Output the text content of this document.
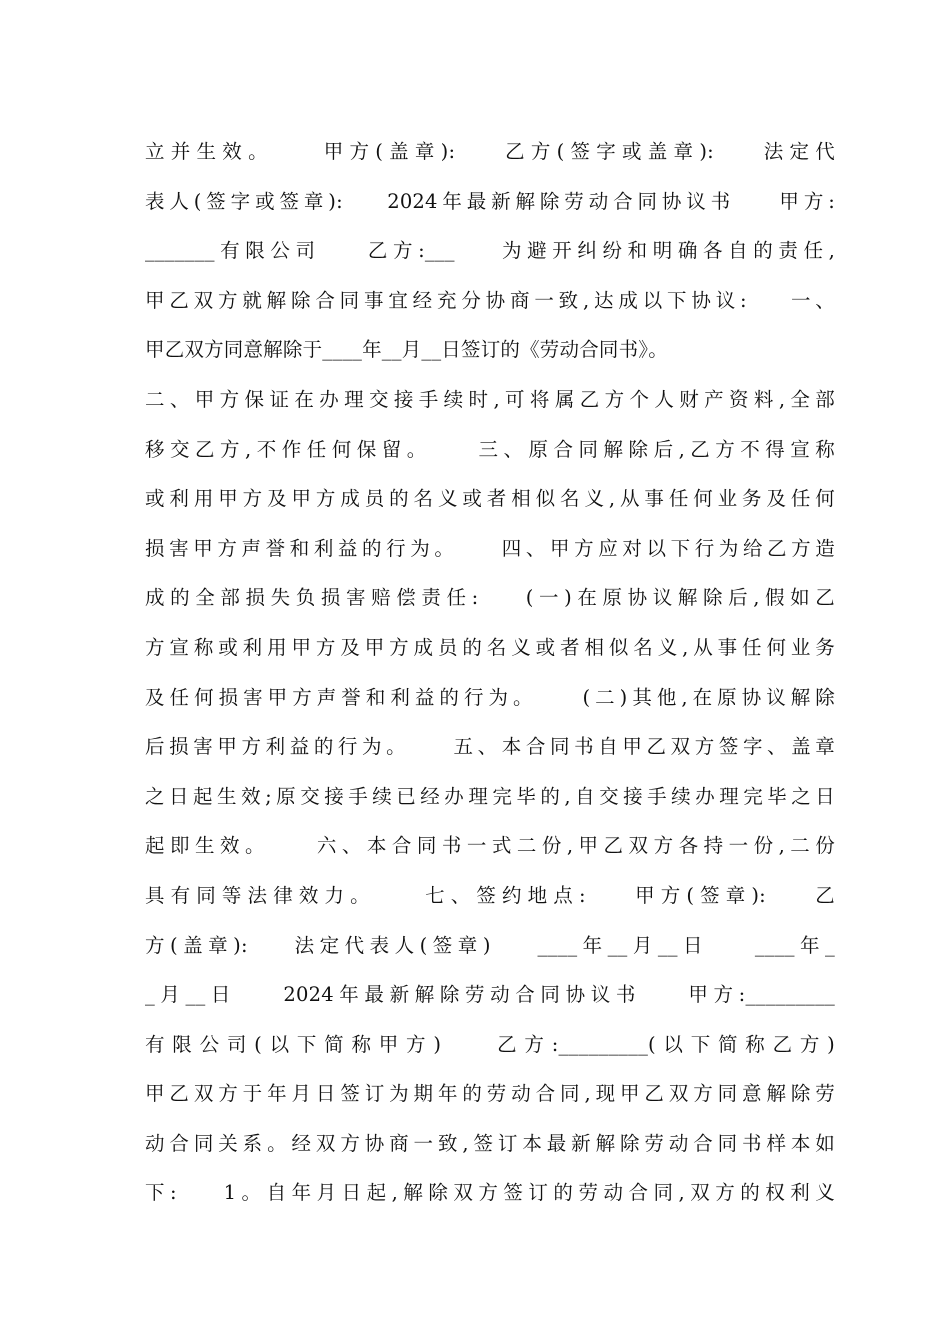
立并生效。    甲方(盖章):    乙方(签字或盖章):    法定代
表人(签字或签章):    2024年最新解除劳动合同协议书    甲方:
_______有限公司    乙方:___    为避开纠纷和明确各自的责任,
甲乙双方就解除合同事宜经充分协商一致,达成以下协议:    一、
甲乙双方同意解除于____年__月__日签订的《劳动合同书》。
二、甲方保证在办理交接手续时,可将属乙方个人财产资料,全部
移交乙方,不作任何保留。    三、原合同解除后,乙方不得宣称
或利用甲方及甲方成员的名义或者相似名义,从事任何业务及任何
损害甲方声誉和利益的行为。    四、甲方应对以下行为给乙方造
成的全部损失负损害赔偿责任:    (一)在原协议解除后,假如乙
方宣称或利用甲方及甲方成员的名义或者相似名义,从事任何业务
及任何损害甲方声誉和利益的行为。    (二)其他,在原协议解除
后损害甲方利益的行为。    五、本合同书自甲乙双方签字、盖章
之日起生效;原交接手续已经办理完毕的,自交接手续办理完毕之日
起即生效。    六、本合同书一式二份,甲乙双方各持一份,二份
具有同等法律效力。    七、签约地点:    甲方(签章):    乙
方(盖章):    法定代表人(签章)    ____年__月__日    ____年_
_月__日    2024年最新解除劳动合同协议书    甲方:_________
有限公司(以下简称甲方)    乙方:_________(以下简称乙方)
甲乙双方于年月日签订为期年的劳动合同,现甲乙双方同意解除劳
动合同关系。经双方协商一致,签订本最新解除劳动合同书样本如
下:    1。自年月日起,解除双方签订的劳动合同,双方的权利义
